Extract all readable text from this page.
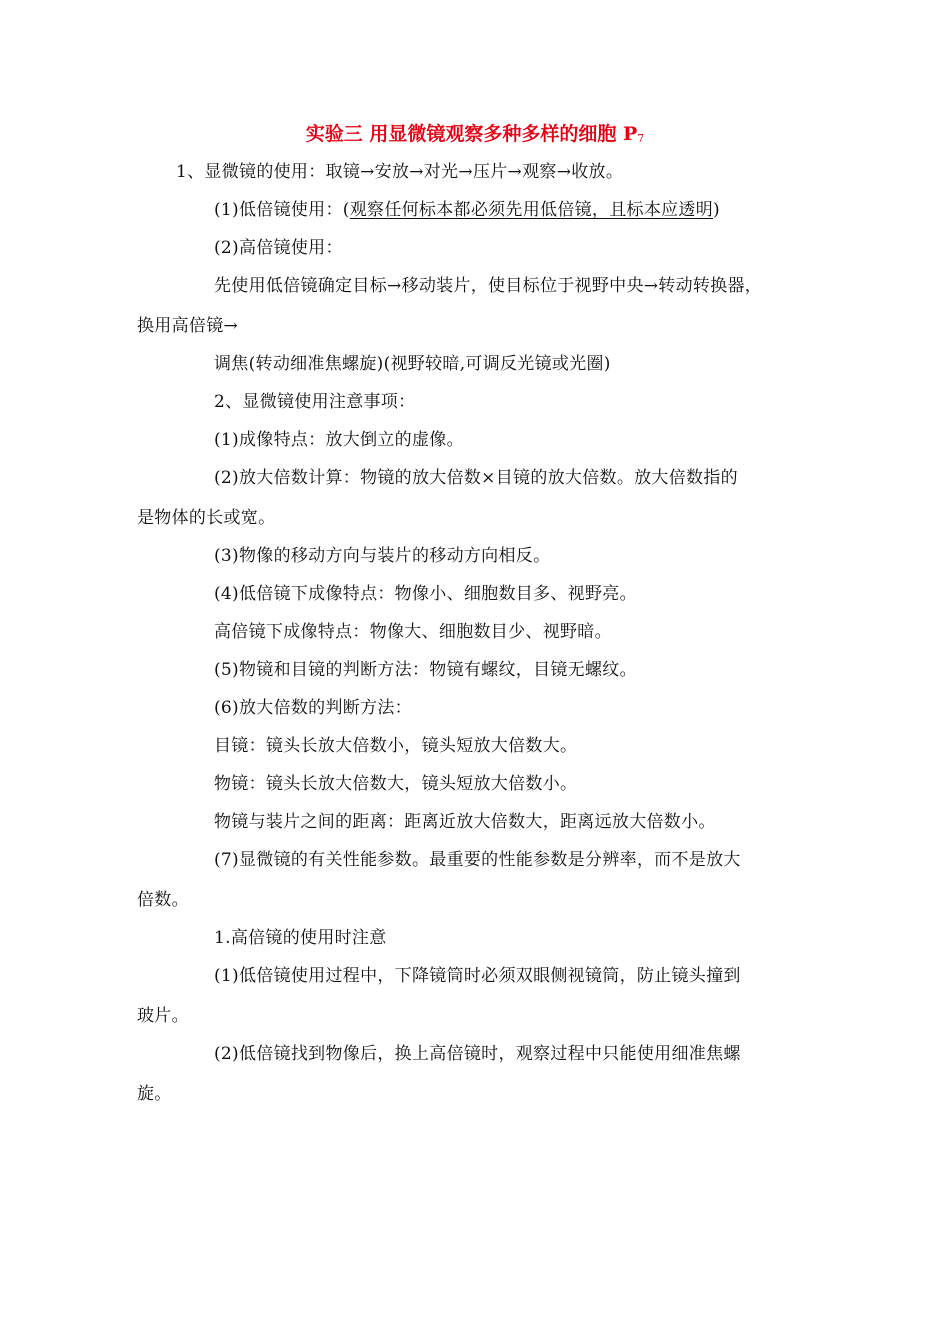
实验三 用显微镜观察多种多样的细胞 $P_7$
1、显微镜的使用：取镜→安放→对光→压片→观察→收放。
(1)低倍镜使用：(观察任何标本都必须先用低倍镜，且标本应透明)
(2)高倍镜使用：
先使用低倍镜确定目标→移动装片，使目标位于视野中央→转动转换器，
换用高倍镜→
调焦(转动细准焦螺旋)(视野较暗,可调反光镜或光圈)
2、显微镜使用注意事项：
(1)成像特点：放大倒立的虚像。
(2)放大倍数计算：物镜的放大倍数×目镜的放大倍数。放大倍数指的
是物体的长或宽。
(3)物像的移动方向与装片的移动方向相反。
(4)低倍镜下成像特点：物像小、细胞数目多、视野亮。
高倍镜下成像特点：物像大、细胞数目少、视野暗。
(5)物镜和目镜的判断方法：物镜有螺纹，目镜无螺纹。
(6)放大倍数的判断方法：
目镜：镜头长放大倍数小，镜头短放大倍数大。
物镜：镜头长放大倍数大，镜头短放大倍数小。
物镜与装片之间的距离：距离近放大倍数大，距离远放大倍数小。
(7)显微镜的有关性能参数。最重要的性能参数是分辨率，而不是放大
倍数。
1.高倍镜的使用时注意
(1)低倍镜使用过程中，下降镜筒时必须双眼侧视镜筒，防止镜头撞到
玻片。
(2)低倍镜找到物像后，换上高倍镜时，观察过程中只能使用细准焦螺
旋。
